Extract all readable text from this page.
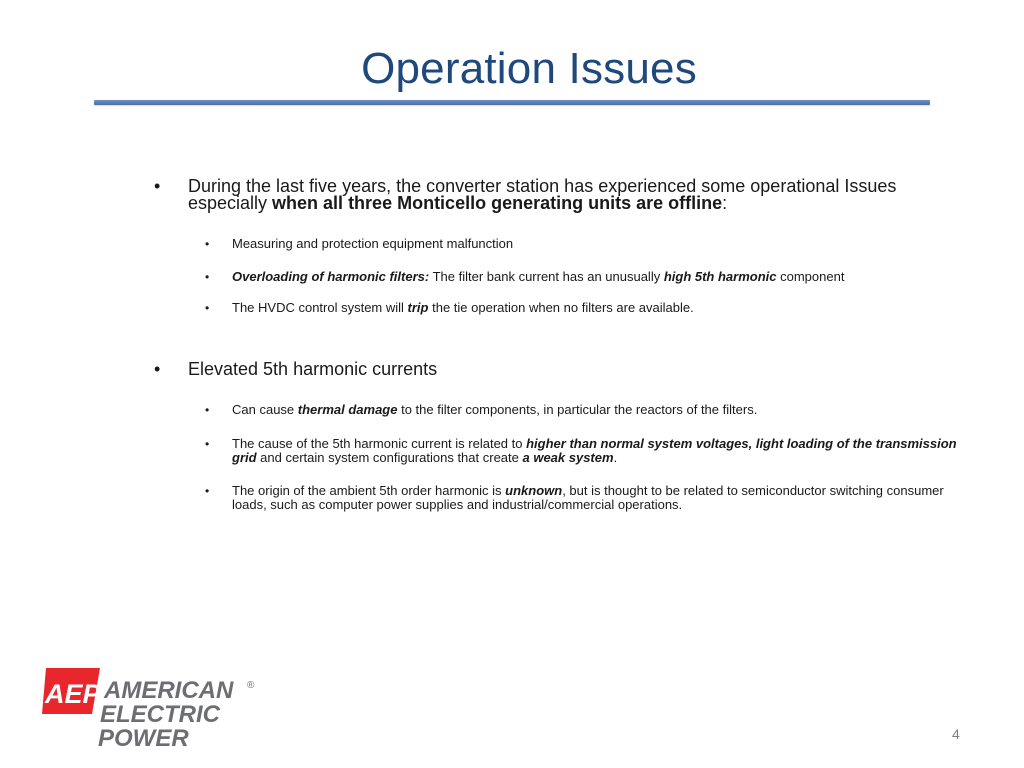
Operation Issues
• During the last five years, the converter station has experienced some operational Issues especially when all three Monticello generating units are offline:
• Measuring and protection equipment malfunction
• Overloading of harmonic filters: The filter bank current has an unusually high 5th harmonic component
• The HVDC control system will trip the tie operation when no filters are available.
• Elevated 5th harmonic currents
• Can cause thermal damage to the filter components, in particular the reactors of the filters.
• The cause of the 5th harmonic current is related to higher than normal system voltages, light loading of the transmission grid and certain system configurations that create a weak system.
• The origin of the ambient 5th order harmonic is unknown, but is thought to be related to semiconductor switching consumer loads, such as computer power supplies and industrial/commercial operations.
AEP AMERICAN
ELECTRIC
POWER
®
4
